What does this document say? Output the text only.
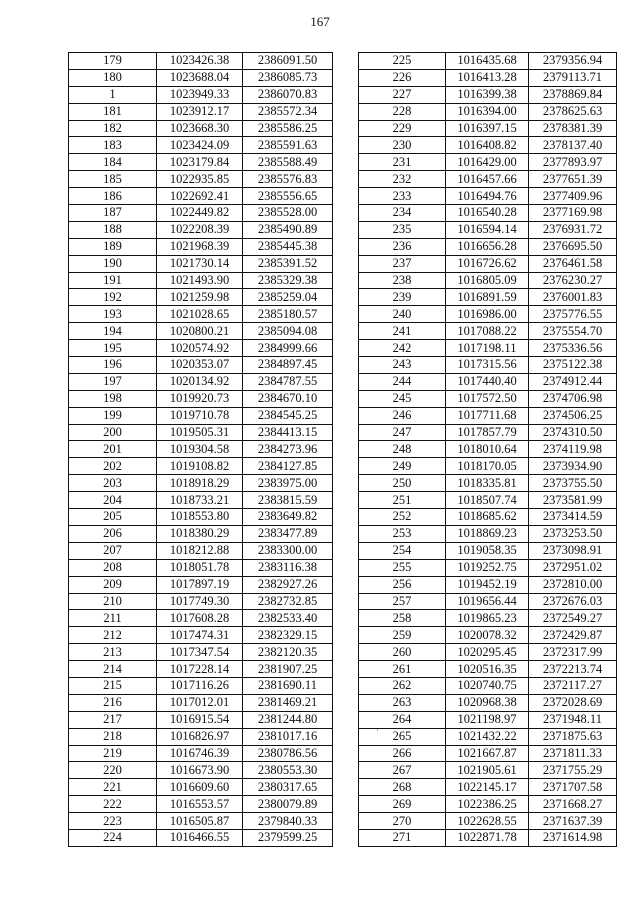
167
179	1023426.38	2386091.50
180	1023688.04	2386085.73
1	1023949.33	2386070.83
181	1023912.17	2385572.34
182	1023668.30	2385586.25
183	1023424.09	2385591.63
184	1023179.84	2385588.49
185	1022935.85	2385576.83
186	1022692.41	2385556.65
187	1022449.82	2385528.00
188	1022208.39	2385490.89
189	1021968.39	2385445.38
190	1021730.14	2385391.52
191	1021493.90	2385329.38
192	1021259.98	2385259.04
193	1021028.65	2385180.57
194	1020800.21	2385094.08
195	1020574.92	2384999.66
196	1020353.07	2384897.45
197	1020134.92	2384787.55
198	1019920.73	2384670.10
199	1019710.78	2384545.25
200	1019505.31	2384413.15
201	1019304.58	2384273.96
202	1019108.82	2384127.85
203	1018918.29	2383975.00
204	1018733.21	2383815.59
205	1018553.80	2383649.82
206	1018380.29	2383477.89
207	1018212.88	2383300.00
208	1018051.78	2383116.38
209	1017897.19	2382927.26
210	1017749.30	2382732.85
211	1017608.28	2382533.40
212	1017474.31	2382329.15
213	1017347.54	2382120.35
214	1017228.14	2381907.25
215	1017116.26	2381690.11
216	1017012.01	2381469.21
217	1016915.54	2381244.80
218	1016826.97	2381017.16
219	1016746.39	2380786.56
220	1016673.90	2380553.30
221	1016609.60	2380317.65
222	1016553.57	2380079.89
223	1016505.87	2379840.33
224	1016466.55	2379599.25
225	1016435.68	2379356.94
226	1016413.28	2379113.71
227	1016399.38	2378869.84
228	1016394.00	2378625.63
229	1016397.15	2378381.39
230	1016408.82	2378137.40
231	1016429.00	2377893.97
232	1016457.66	2377651.39
233	1016494.76	2377409.96
234	1016540.28	2377169.98
235	1016594.14	2376931.72
236	1016656.28	2376695.50
237	1016726.62	2376461.58
238	1016805.09	2376230.27
239	1016891.59	2376001.83
240	1016986.00	2375776.55
241	1017088.22	2375554.70
242	1017198.11	2375336.56
243	1017315.56	2375122.38
244	1017440.40	2374912.44
245	1017572.50	2374706.98
246	1017711.68	2374506.25
247	1017857.79	2374310.50
248	1018010.64	2374119.98
249	1018170.05	2373934.90
250	1018335.81	2373755.50
251	1018507.74	2373581.99
252	1018685.62	2373414.59
253	1018869.23	2373253.50
254	1019058.35	2373098.91
255	1019252.75	2372951.02
256	1019452.19	2372810.00
257	1019656.44	2372676.03
258	1019865.23	2372549.27
259	1020078.32	2372429.87
260	1020295.45	2372317.99
261	1020516.35	2372213.74
262	1020740.75	2372117.27
263	1020968.38	2372028.69
264	1021198.97	2371948.11
265	1021432.22	2371875.63
266	1021667.87	2371811.33
267	1021905.61	2371755.29
268	1022145.17	2371707.58
269	1022386.25	2371668.27
270	1022628.55	2371637.39
271	1022871.78	2371614.98
·
